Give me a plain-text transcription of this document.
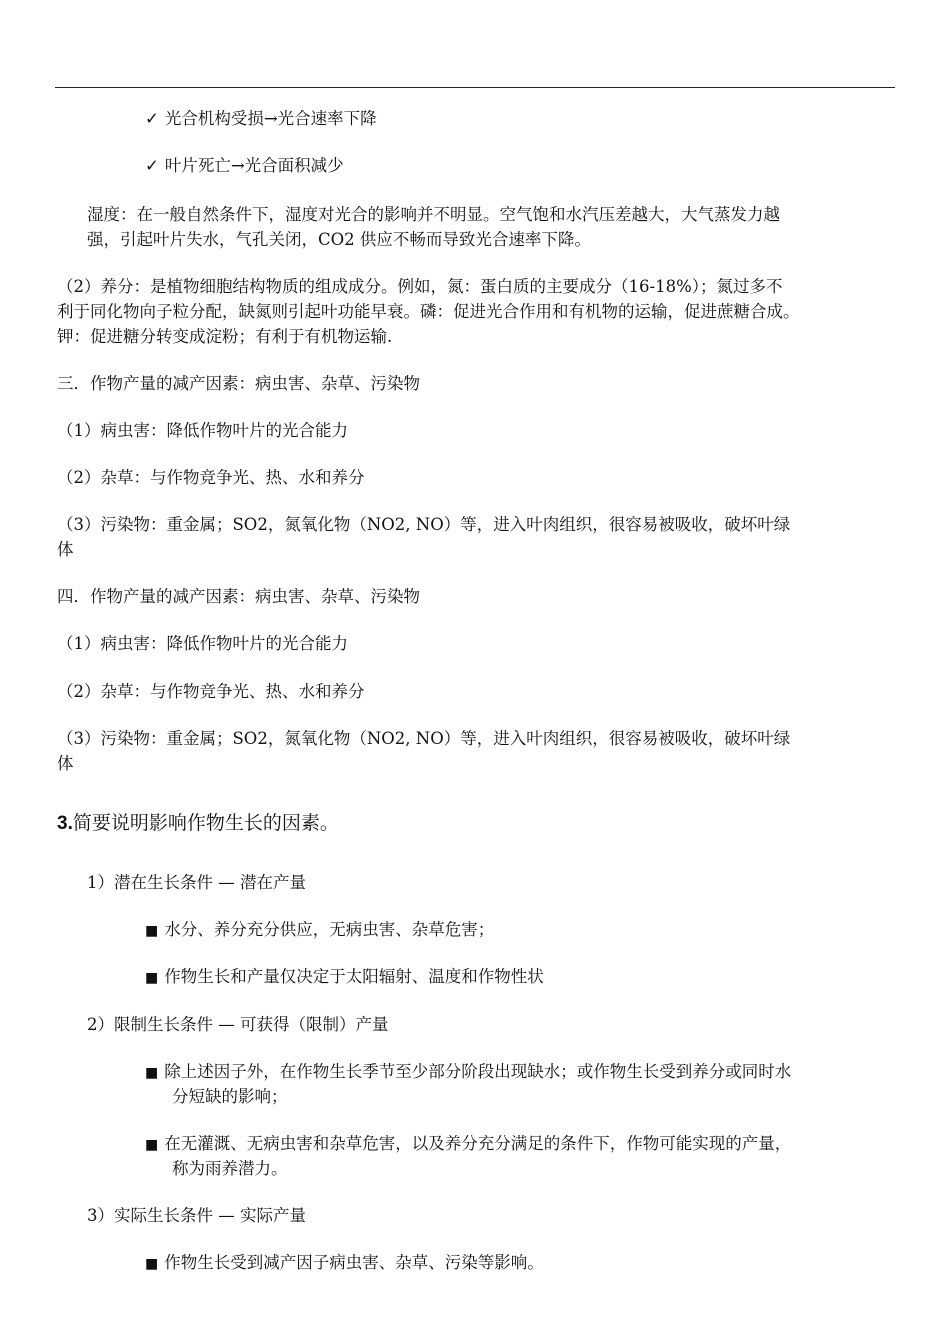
✓ 光合机构受损→光合速率下降
✓ 叶片死亡→光合面积减少
湿度：在一般自然条件下，湿度对光合的影响并不明显。空气饱和水汽压差越大，大气蒸发力越
强，引起叶片失水，气孔关闭，CO2 供应不畅而导致光合速率下降。
（2）养分：是植物细胞结构物质的组成成分。例如，氮：蛋白质的主要成分（16-18%）；氮过多不
利于同化物向子粒分配，缺氮则引起叶功能早衰。磷：促进光合作用和有机物的运输，促进蔗糖合成。
钾：促进糖分转变成淀粉；有利于有机物运输.
三．作物产量的减产因素：病虫害、杂草、污染物
（1）病虫害：降低作物叶片的光合能力
（2）杂草：与作物竞争光、热、水和养分
（3）污染物：重金属；SO2，氮氧化物（NO2, NO）等，进入叶肉组织，很容易被吸收，破坏叶绿
体
四．作物产量的减产因素：病虫害、杂草、污染物
（1）病虫害：降低作物叶片的光合能力
（2）杂草：与作物竞争光、热、水和养分
（3）污染物：重金属；SO2，氮氧化物（NO2, NO）等，进入叶肉组织，很容易被吸收，破坏叶绿
体
3.简要说明影响作物生长的因素。
1）潜在生长条件 — 潜在产量
■ 水分、养分充分供应，无病虫害、杂草危害；
■ 作物生长和产量仅决定于太阳辐射、温度和作物性状
2）限制生长条件 — 可获得（限制）产量
■ 除上述因子外，在作物生长季节至少部分阶段出现缺水；或作物生长受到养分或同时水
分短缺的影响；
■ 在无灌溉、无病虫害和杂草危害，以及养分充分满足的条件下，作物可能实现的产量，
称为雨养潜力。
3）实际生长条件 — 实际产量
■ 作物生长受到减产因子病虫害、杂草、污染等影响。
